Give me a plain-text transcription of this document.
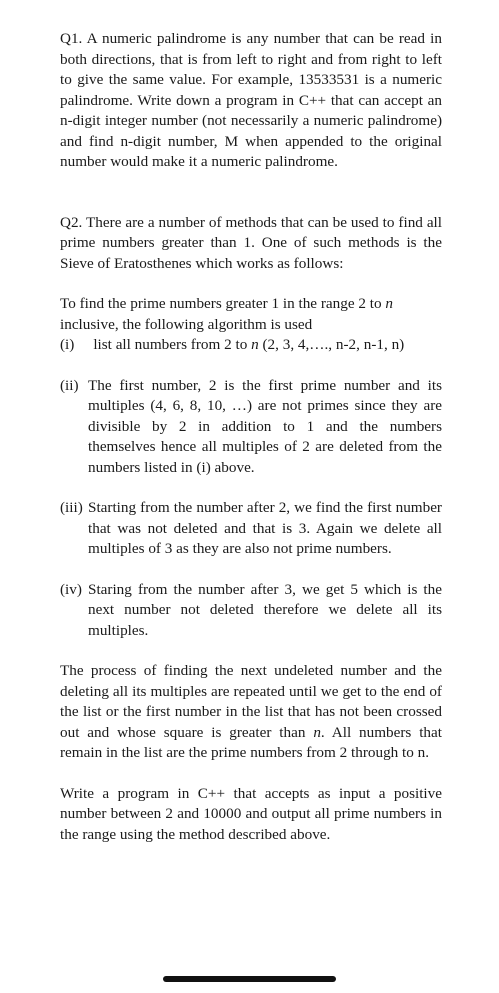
Q1. A numeric palindrome is any number that can be read in both directions, that is from left to right and from right to left to give the same value. For example, 13533531 is a numeric palindrome. Write down a program in C++ that can accept an n-digit integer number (not necessarily a numeric palindrome) and find n-digit number, M when appended to the original number would make it a numeric palindrome.

Q2. There are a number of methods that can be used to find all prime numbers greater than 1. One of such methods is the Sieve of Eratosthenes which works as follows:

To find the prime numbers greater 1 in the range 2 to n inclusive, the following algorithm is used

(i) list all numbers from 2 to n (2, 3, 4,…., n-2, n-1, n)

(ii) The first number, 2 is the first prime number and its multiples (4, 6, 8, 10, …) are not primes since they are divisible by 2 in addition to 1 and the numbers themselves hence all multiples of 2 are deleted from the numbers listed in (i) above.
(iii) Starting from the number after 2, we find the first number that was not deleted and that is 3. Again we delete all multiples of 3 as they are also not prime numbers.
(iv) Staring from the number after 3, we get 5 which is the next number not deleted therefore we delete all its multiples.

The process of finding the next undeleted number and the deleting all its multiples are repeated until we get to the end of the list or the first number in the list that has not been crossed out and whose square is greater than n. All numbers that remain in the list are the prime numbers from 2 through to n.

Write a program in C++ that accepts as input a positive number between 2 and 10000 and output all prime numbers in the range using the method described above.
